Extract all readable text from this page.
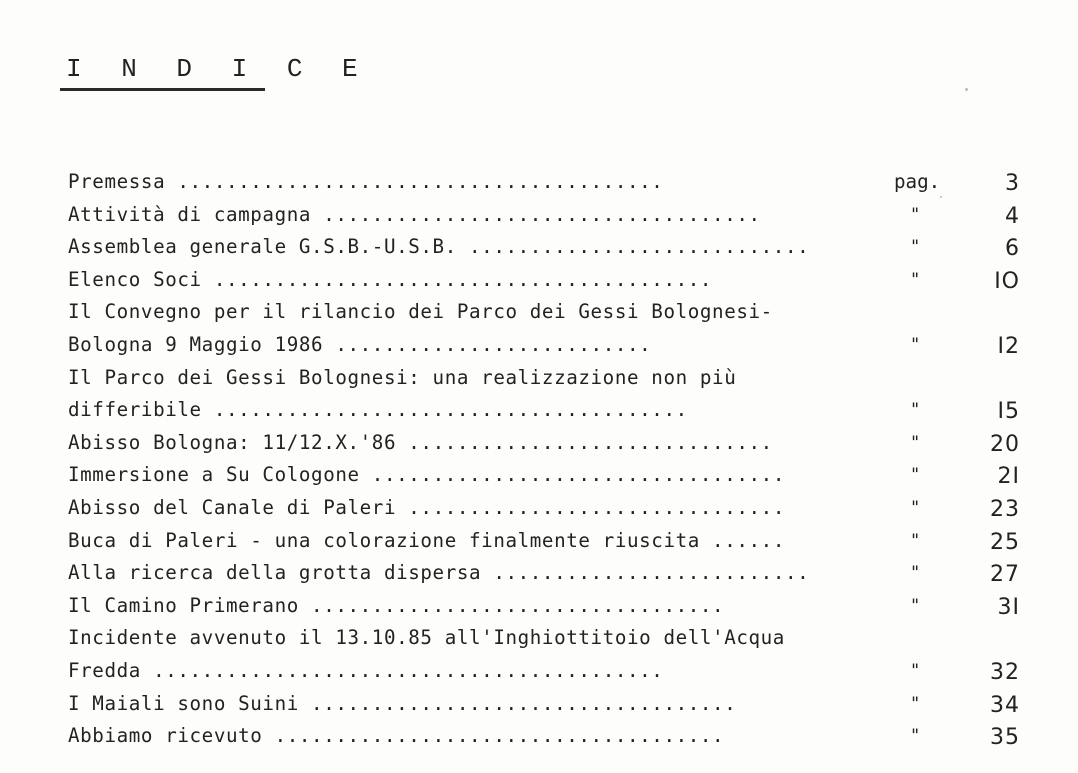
I N D I C E
Premessa ........................................	pag.	3
Attività di campagna ....................................	"	4
Assemblea generale G.S.B.-U.S.B. ............................	"	6
Elenco Soci .........................................	"	IO
Il Convegno per il rilancio dei Parco dei Gessi Bolognesi-
Bologna 9 Maggio 1986 ..........................	"	I2
Il Parco dei Gessi Bolognesi: una realizzazione non più
differibile .......................................	"	I5
Abisso Bologna: 11/12.X.'86 ..............................	"	20
Immersione a Su Cologone ..................................	"	2I
Abisso del Canale di Paleri ...............................	"	23
Buca di Paleri - una colorazione finalmente riuscita ......	"	25
Alla ricerca della grotta dispersa ..........................	"	27
Il Camino Primerano ..................................	"	3I
Incidente avvenuto il 13.10.85 all'Inghiottitoio dell'Acqua
Fredda ..........................................	"	32
I Maiali sono Suini ...................................	"	34
Abbiamo ricevuto .....................................	"	35
